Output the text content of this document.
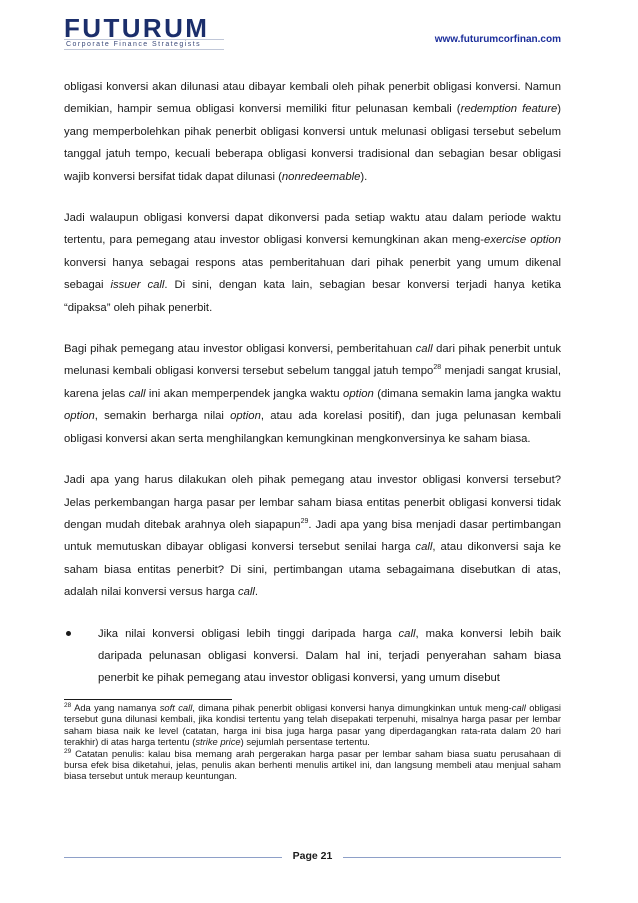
FUTURUM
Corporate Finance Strategists	www.futurumcorfinan.com

obligasi konversi akan dilunasi atau dibayar kembali oleh pihak penerbit obligasi konversi. Namun demikian, hampir semua obligasi konversi memiliki fitur pelunasan kembali (redemption feature) yang memperbolehkan pihak penerbit obligasi konversi untuk melunasi obligasi tersebut sebelum tanggal jatuh tempo, kecuali beberapa obligasi konversi tradisional dan sebagian besar obligasi wajib konversi bersifat tidak dapat dilunasi (nonredeemable).

Jadi walaupun obligasi konversi dapat dikonversi pada setiap waktu atau dalam periode waktu tertentu, para pemegang atau investor obligasi konversi kemungkinan akan meng-exercise option konversi hanya sebagai respons atas pemberitahuan dari pihak penerbit yang umum dikenal sebagai issuer call. Di sini, dengan kata lain, sebagian besar konversi terjadi hanya ketika “dipaksa” oleh pihak penerbit.

Bagi pihak pemegang atau investor obligasi konversi, pemberitahuan call dari pihak penerbit untuk melunasi kembali obligasi konversi tersebut sebelum tanggal jatuh tempo$^{28}$ menjadi sangat krusial, karena jelas call ini akan memperpendek jangka waktu option (dimana semakin lama jangka waktu option, semakin berharga nilai option, atau ada korelasi positif), dan juga pelunasan kembali obligasi konversi akan serta menghilangkan kemungkinan mengkonversinya ke saham biasa.

Jadi apa yang harus dilakukan oleh pihak pemegang atau investor obligasi konversi tersebut? Jelas perkembangan harga pasar per lembar saham biasa entitas penerbit obligasi konversi tidak dengan mudah ditebak arahnya oleh siapapun$^{29}$. Jadi apa yang bisa menjadi dasar pertimbangan untuk memutuskan dibayar obligasi konversi tersebut senilai harga call, atau dikonversi saja ke saham biasa entitas penerbit? Di sini, pertimbangan utama sebagaimana disebutkan di atas, adalah nilai konversi versus harga call.

Jika nilai konversi obligasi lebih tinggi daripada harga call, maka konversi lebih baik daripada pelunasan obligasi konversi. Dalam hal ini, terjadi penyerahan saham biasa penerbit ke pihak pemegang atau investor obligasi konversi, yang umum disebut

$^{28}$ Ada yang namanya soft call, dimana pihak penerbit obligasi konversi hanya dimungkinkan untuk meng-call obligasi tersebut guna dilunasi kembali, jika kondisi tertentu yang telah disepakati terpenuhi, misalnya harga pasar per lembar saham biasa naik ke level (catatan, harga ini bisa juga harga pasar yang diperdagangkan rata-rata dalam 20 hari terakhir) di atas harga tertentu (strike price) sejumlah persentase tertentu.

$^{29}$ Catatan penulis: kalau bisa memang arah pergerakan harga pasar per lembar saham biasa suatu perusahaan di bursa efek bisa diketahui, jelas, penulis akan berhenti menulis artikel ini, dan langsung membeli atau menjual saham biasa tersebut untuk meraup keuntungan.

Page 21
